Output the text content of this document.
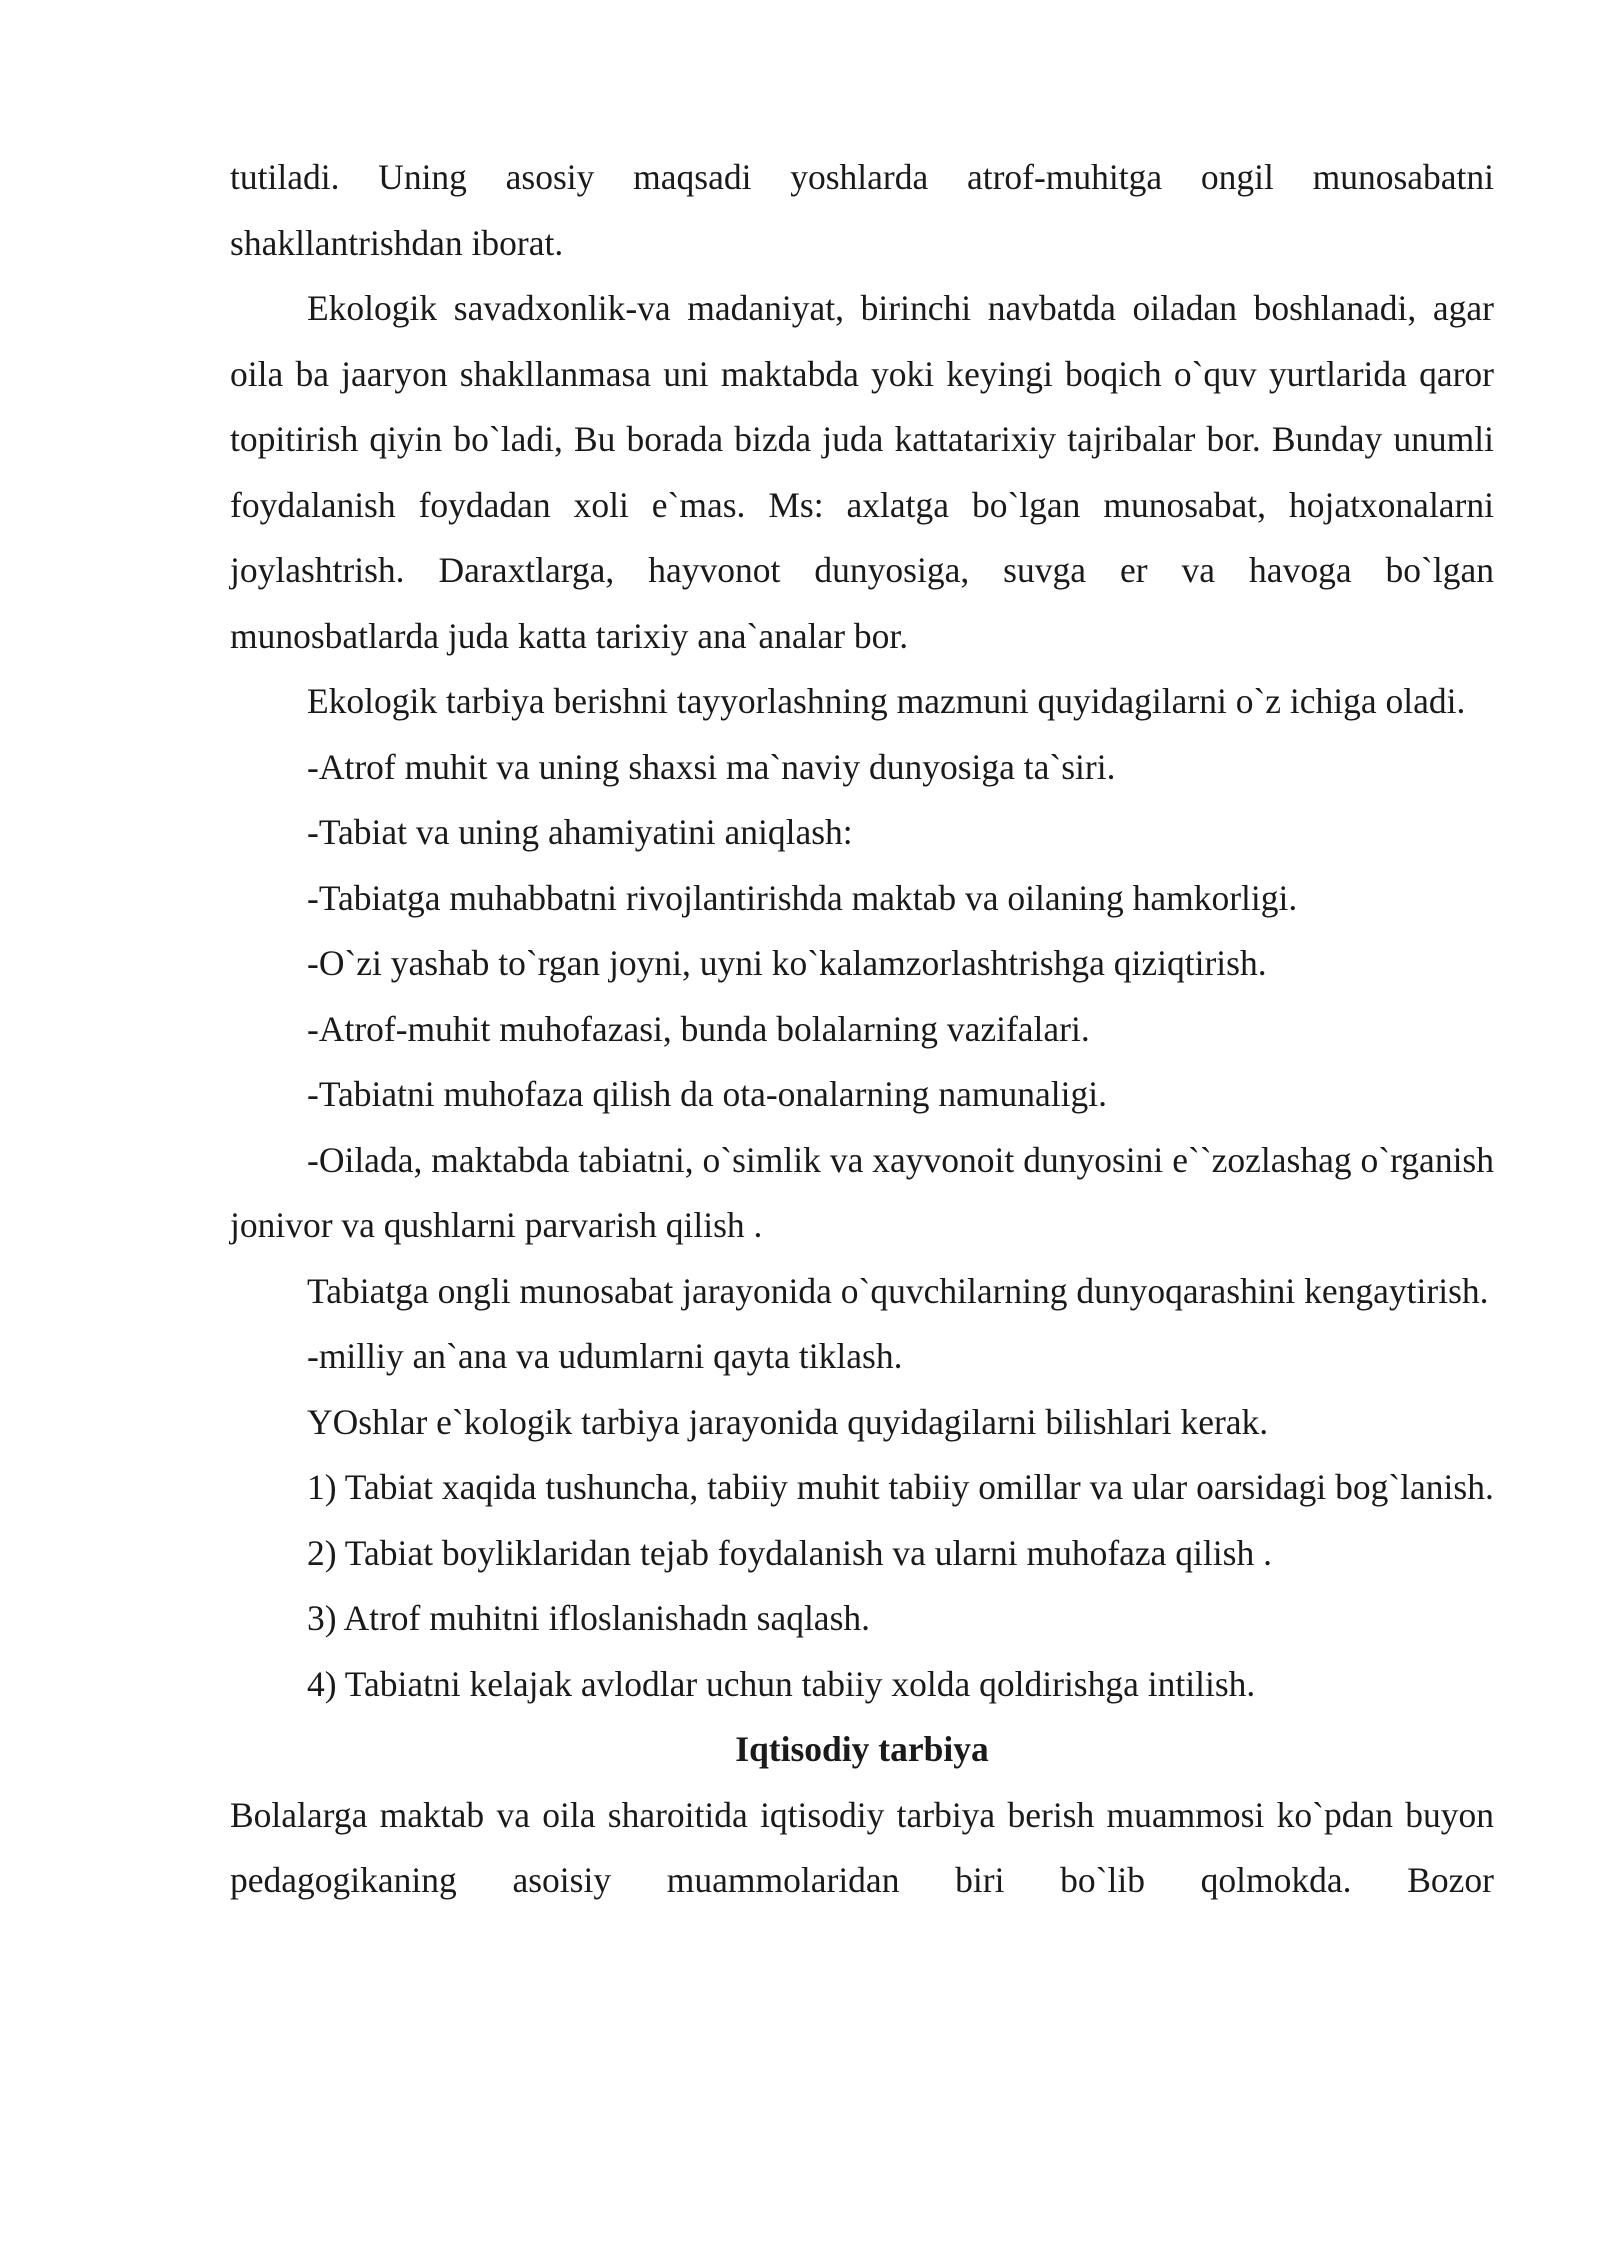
tutiladi. Uning asosiy maqsadi yoshlarda atrof-muhitga ongil munosabatni shakllantrishdan iborat.

Ekologik savadxonlik-va madaniyat, birinchi navbatda oiladan boshlanadi, agar oila ba jaaryon shakllanmasa uni maktabda yoki keyingi boqich o`quv yurtlarida qaror topitirish qiyin bo`ladi, Bu borada bizda juda kattatarixiy tajribalar bor. Bunday unumli foydalanish foydadan xoli e`mas. Ms: axlatga bo`lgan munosabat, hojatxonalarni joylashtrish. Daraxtlarga, hayvonot dunyosiga, suvga er va havoga bo`lgan munosbatlarda juda katta tarixiy ana`analar bor.

Ekologik tarbiya berishni tayyorlashning mazmuni quyidagilarni o`z ichiga oladi.

-Atrof muhit va uning shaxsi ma`naviy dunyosiga ta`siri.

-Tabiat va uning ahamiyatini aniqlash:

-Tabiatga muhabbatni rivojlantirishda maktab va oilaning hamkorligi.

-O`zi yashab to`rgan joyni, uyni ko`kalamzorlashtrishga qiziqtirish.

-Atrof-muhit muhofazasi, bunda bolalarning vazifalari.

-Tabiatni muhofaza qilish da ota-onalarning namunaligi.

-Oilada, maktabda tabiatni, o`simlik va xayvonoit dunyosini e``zozlashag o`rganish jonivor va qushlarni parvarish qilish .

Tabiatga ongli munosabat jarayonida o`quvchilarning dunyoqarashini kengaytirish.

-milliy an`ana va udumlarni qayta tiklash.

YOshlar e`kologik tarbiya jarayonida quyidagilarni bilishlari kerak.

1) Tabiat xaqida tushuncha, tabiiy muhit tabiiy omillar va ular oarsidagi bog`lanish.

2) Tabiat boyliklaridan tejab foydalanish va ularni muhofaza qilish .

3) Atrof muhitni ifloslanishadn saqlash.

4) Tabiatni kelajak avlodlar uchun tabiiy xolda qoldirishga intilish.

Iqtisodiy tarbiya

Bolalarga maktab va oila sharoitida iqtisodiy tarbiya berish muammosi ko`pdan buyon pedagogikaning asoisiy muammolaridan biri bo`lib qolmokda. Bozor
